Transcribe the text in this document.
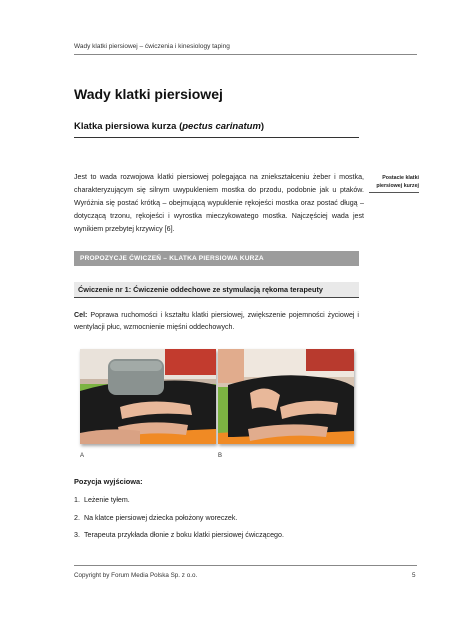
Wady klatki piersiowej – ćwiczenia i kinesiology taping
Wady klatki piersiowej
Klatka piersiowa kurza (pectus carinatum)

Jest to wada rozwojowa klatki piersiowej polegająca na zniekształceniu żeber i mostka, charakteryzującym się silnym uwypukleniem mostka do przodu, podobnie jak u ptaków. Wyróżnia się postać krótką – obejmującą wypuklenie rękojeści mostka oraz postać długą – dotyczącą trzonu, rękojeści i wyrostka mieczykowatego mostka. Najczęściej wada jest wynikiem przebytej krzywicy [6].

Postacie klatki piersiowej kurzej
PROPOZYCJE ĆWICZEŃ – KLATKA PIERSIOWA KURZA
Ćwiczenie nr 1: Ćwiczenie oddechowe ze stymulacją rękoma terapeuty

Cel: Poprawa ruchomości i kształtu klatki piersiowej, zwiększenie pojemności życiowej i wentylacji płuc, wzmocnienie mięśni oddechowych.

A	B
Pozycja wyjściowa:
1. Leżenie tyłem.
2. Na klatce piersiowej dziecka położony woreczek.
3. Terapeuta przykłada dłonie z boku klatki piersiowej ćwiczącego.
Copyright by Forum Media Polska Sp. z o.o.	5
